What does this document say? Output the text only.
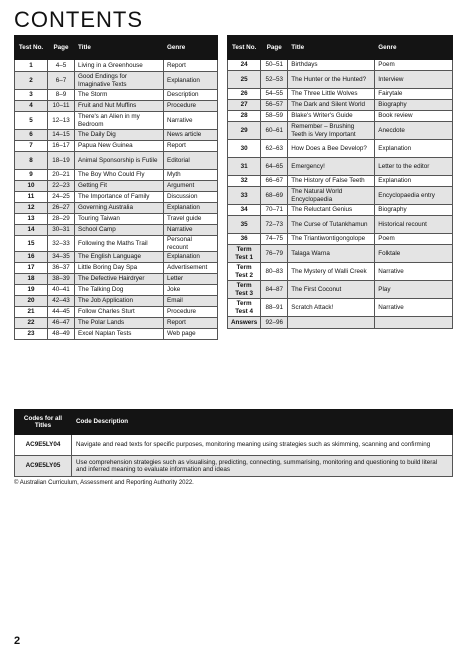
CONTENTS
Test No.	Page	Title	Genre
1	4–5	Living in a Greenhouse	Report
2	6–7	Good Endings for Imaginative Texts	Explanation
3	8–9	The Storm	Description
4	10–11	Fruit and Nut Muffins	Procedure
5	12–13	There's an Alien in my Bedroom	Narrative
6	14–15	The Daily Dig	News article
7	16–17	Papua New Guinea	Report
8	18–19	Animal Sponsorship is Futile	Editorial
9	20–21	The Boy Who Could Fly	Myth
10	22–23	Getting Fit	Argument
11	24–25	The Importance of Family	Discussion
12	26–27	Governing Australia	Explanation
13	28–29	Touring Taiwan	Travel guide
14	30–31	School Camp	Narrative
15	32–33	Following the Maths Trail	Personal recount
16	34–35	The English Language	Explanation
17	36–37	Little Boring Day Spa	Advertisement
18	38–39	The Defective Hairdryer	Letter
19	40–41	The Talking Dog	Joke
20	42–43	The Job Application	Email
21	44–45	Follow Charles Sturt	Procedure
22	46–47	The Polar Lands	Report
23	48–49	Excel Naplan Tests	Web page
Test No.	Page	Title	Genre
24	50–51	Birthdays	Poem
25	52–53	The Hunter or the Hunted?	Interview
26	54–55	The Three Little Wolves	Fairytale
27	56–57	The Dark and Silent World	Biography
28	58–59	Blake's Writer's Guide	Book review
29	60–61	Remember – Brushing Teeth is Very Important	Anecdote
30	62–63	How Does a Bee Develop?	Explanation
31	64–65	Emergency!	Letter to the editor
32	66–67	The History of False Teeth	Explanation
33	68–69	The Natural World Encyclopaedia	Encyclopaedia entry
34	70–71	The Reluctant Genius	Biography
35	72–73	The Curse of Tutankhamun	Historical recount
36	74–75	The Triantiwontigongolope	Poem
Term Test 1	76–79	Talaga Warna	Folktale
Term Test 2	80–83	The Mystery of Walli Creek	Narrative
Term Test 3	84–87	The First Coconut	Play
Term Test 4	88–91	Scratch Attack!	Narrative
Answers	92–96		
Codes for all Titles	Code Description
AC9E5LY04	Navigate and read texts for specific purposes, monitoring meaning using strategies such as skimming, scanning and confirming
AC9E5LY05	Use comprehension strategies such as visualising, predicting, connecting, summarising, monitoring and questioning to build literal and inferred meaning to evaluate information and ideas
© Australian Curriculum, Assessment and Reporting Authority 2022.
2
